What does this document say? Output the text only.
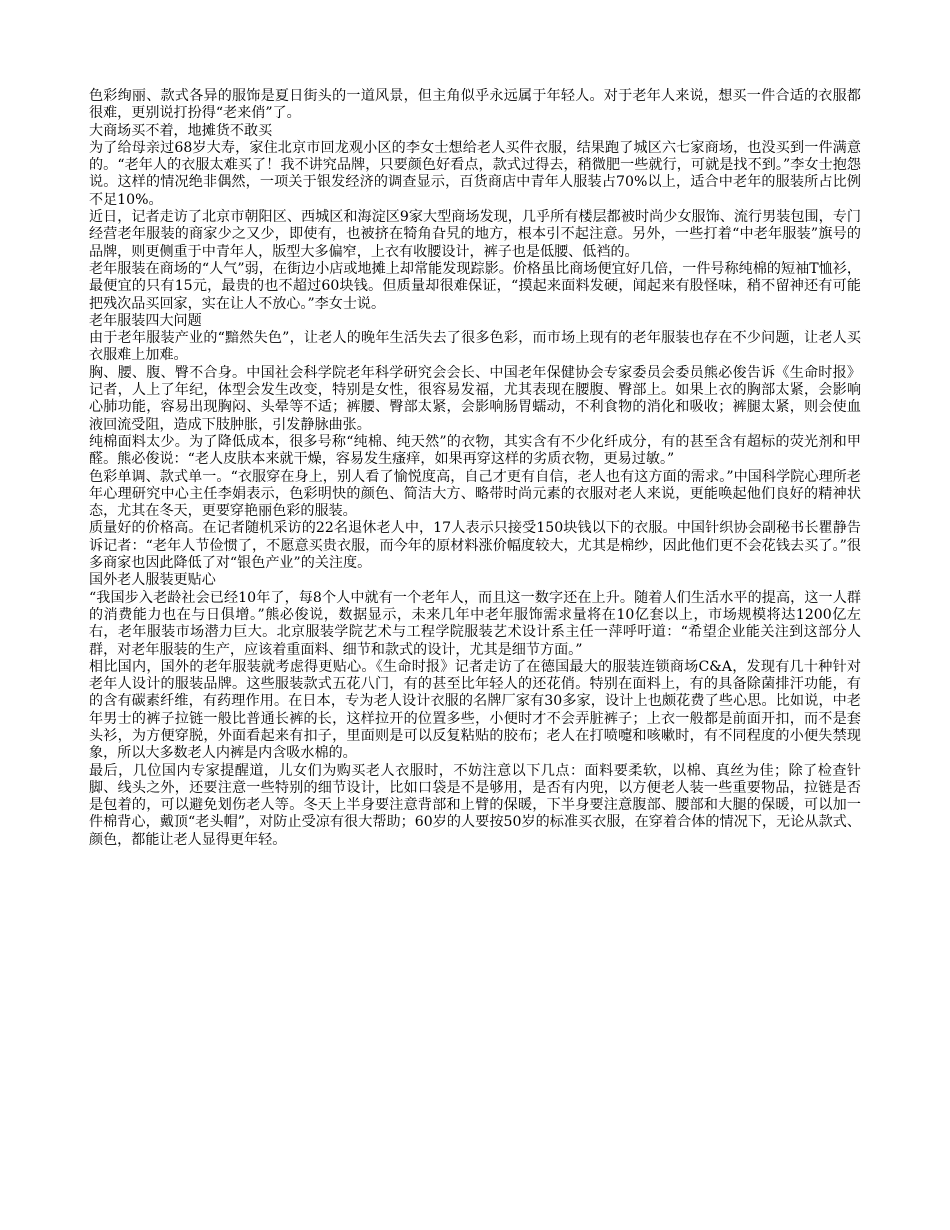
色彩绚丽、款式各异的服饰是夏日街头的一道风景，但主角似乎永远属于年轻人。对于老年人来说，想买一件合适的衣服都很难，更别说打扮得“老来俏”了。

大商场买不着，地摊货不敢买

为了给母亲过68岁大寿，家住北京市回龙观小区的李女士想给老人买件衣服，结果跑了城区六七家商场，也没买到一件满意的。“老年人的衣服太难买了！我不讲究品牌，只要颜色好看点，款式过得去，稍微肥一些就行，可就是找不到。”李女士抱怨说。这样的情况绝非偶然，一项关于银发经济的调查显示，百货商店中青年人服装占70%以上，适合中老年的服装所占比例不足10%。

近日，记者走访了北京市朝阳区、西城区和海淀区9家大型商场发现，几乎所有楼层都被时尚少女服饰、流行男装包围，专门经营老年服装的商家少之又少，即使有，也被挤在犄角旮旯的地方，根本引不起注意。另外，一些打着“中老年服装”旗号的品牌，则更侧重于中青年人，版型大多偏窄，上衣有收腰设计，裤子也是低腰、低裆的。

老年服装在商场的“人气”弱，在街边小店或地摊上却常能发现踪影。价格虽比商场便宜好几倍，一件号称纯棉的短袖T恤衫，最便宜的只有15元，最贵的也不超过60块钱。但质量却很难保证，“摸起来面料发硬，闻起来有股怪味，稍不留神还有可能把残次品买回家，实在让人不放心。”李女士说。

老年服装四大问题

由于老年服装产业的“黯然失色”，让老人的晚年生活失去了很多色彩，而市场上现有的老年服装也存在不少问题，让老人买衣服难上加难。

胸、腰、腹、臀不合身。中国社会科学院老年科学研究会会长、中国老年保健协会专家委员会委员熊必俊告诉《生命时报》记者，人上了年纪，体型会发生改变，特别是女性，很容易发福，尤其表现在腰腹、臀部上。如果上衣的胸部太紧，会影响心肺功能，容易出现胸闷、头晕等不适；裤腰、臀部太紧，会影响肠胃蠕动，不利食物的消化和吸收；裤腿太紧，则会使血液回流受阻，造成下肢肿胀，引发静脉曲张。

纯棉面料太少。为了降低成本，很多号称“纯棉、纯天然”的衣物，其实含有不少化纤成分，有的甚至含有超标的荧光剂和甲醛。熊必俊说：“老人皮肤本来就干燥，容易发生瘙痒，如果再穿这样的劣质衣物，更易过敏。”

色彩单调、款式单一。“衣服穿在身上，别人看了愉悦度高，自己才更有自信，老人也有这方面的需求。”中国科学院心理所老年心理研究中心主任李娟表示，色彩明快的颜色、简洁大方、略带时尚元素的衣服对老人来说，更能唤起他们良好的精神状态，尤其在冬天，更要穿艳丽色彩的服装。

质量好的价格高。在记者随机采访的22名退休老人中，17人表示只接受150块钱以下的衣服。中国针织协会副秘书长瞿静告诉记者：“老年人节俭惯了，不愿意买贵衣服，而今年的原材料涨价幅度较大，尤其是棉纱，因此他们更不会花钱去买了。”很多商家也因此降低了对“银色产业”的关注度。

国外老人服装更贴心

“我国步入老龄社会已经10年了，每8个人中就有一个老年人，而且这一数字还在上升。随着人们生活水平的提高，这一人群的消费能力也在与日俱增。”熊必俊说，数据显示，未来几年中老年服饰需求量将在10亿套以上，市场规模将达1200亿左右，老年服装市场潜力巨大。北京服装学院艺术与工程学院服装艺术设计系主任一萍呼吁道：“希望企业能关注到这部分人群，对老年服装的生产，应该着重面料、细节和款式的设计，尤其是细节方面。”

相比国内，国外的老年服装就考虑得更贴心。《生命时报》记者走访了在德国最大的服装连锁商场C&A，发现有几十种针对老年人设计的服装品牌。这些服装款式五花八门，有的甚至比年轻人的还花俏。特别在面料上，有的具备除菌排汗功能，有的含有碳素纤维，有药理作用。在日本，专为老人设计衣服的名牌厂家有30多家，设计上也颇花费了些心思。比如说，中老年男士的裤子拉链一般比普通长裤的长，这样拉开的位置多些，小便时才不会弄脏裤子；上衣一般都是前面开扣，而不是套头衫，为方便穿脱，外面看起来有扣子，里面则是可以反复粘贴的胶布；老人在打喷嚏和咳嗽时，有不同程度的小便失禁现象，所以大多数老人内裤是内含吸水棉的。

最后，几位国内专家提醒道，儿女们为购买老人衣服时，不妨注意以下几点：面料要柔软，以棉、真丝为佳；除了检查针脚、线头之外，还要注意一些特别的细节设计，比如口袋是不是够用，是否有内兜，以方便老人装一些重要物品，拉链是否是包着的，可以避免划伤老人等。冬天上半身要注意背部和上臂的保暖，下半身要注意腹部、腰部和大腿的保暖，可以加一件棉背心，戴顶“老头帽”，对防止受凉有很大帮助；60岁的人要按50岁的标准买衣服，在穿着合体的情况下，无论从款式、颜色，都能让老人显得更年轻。
